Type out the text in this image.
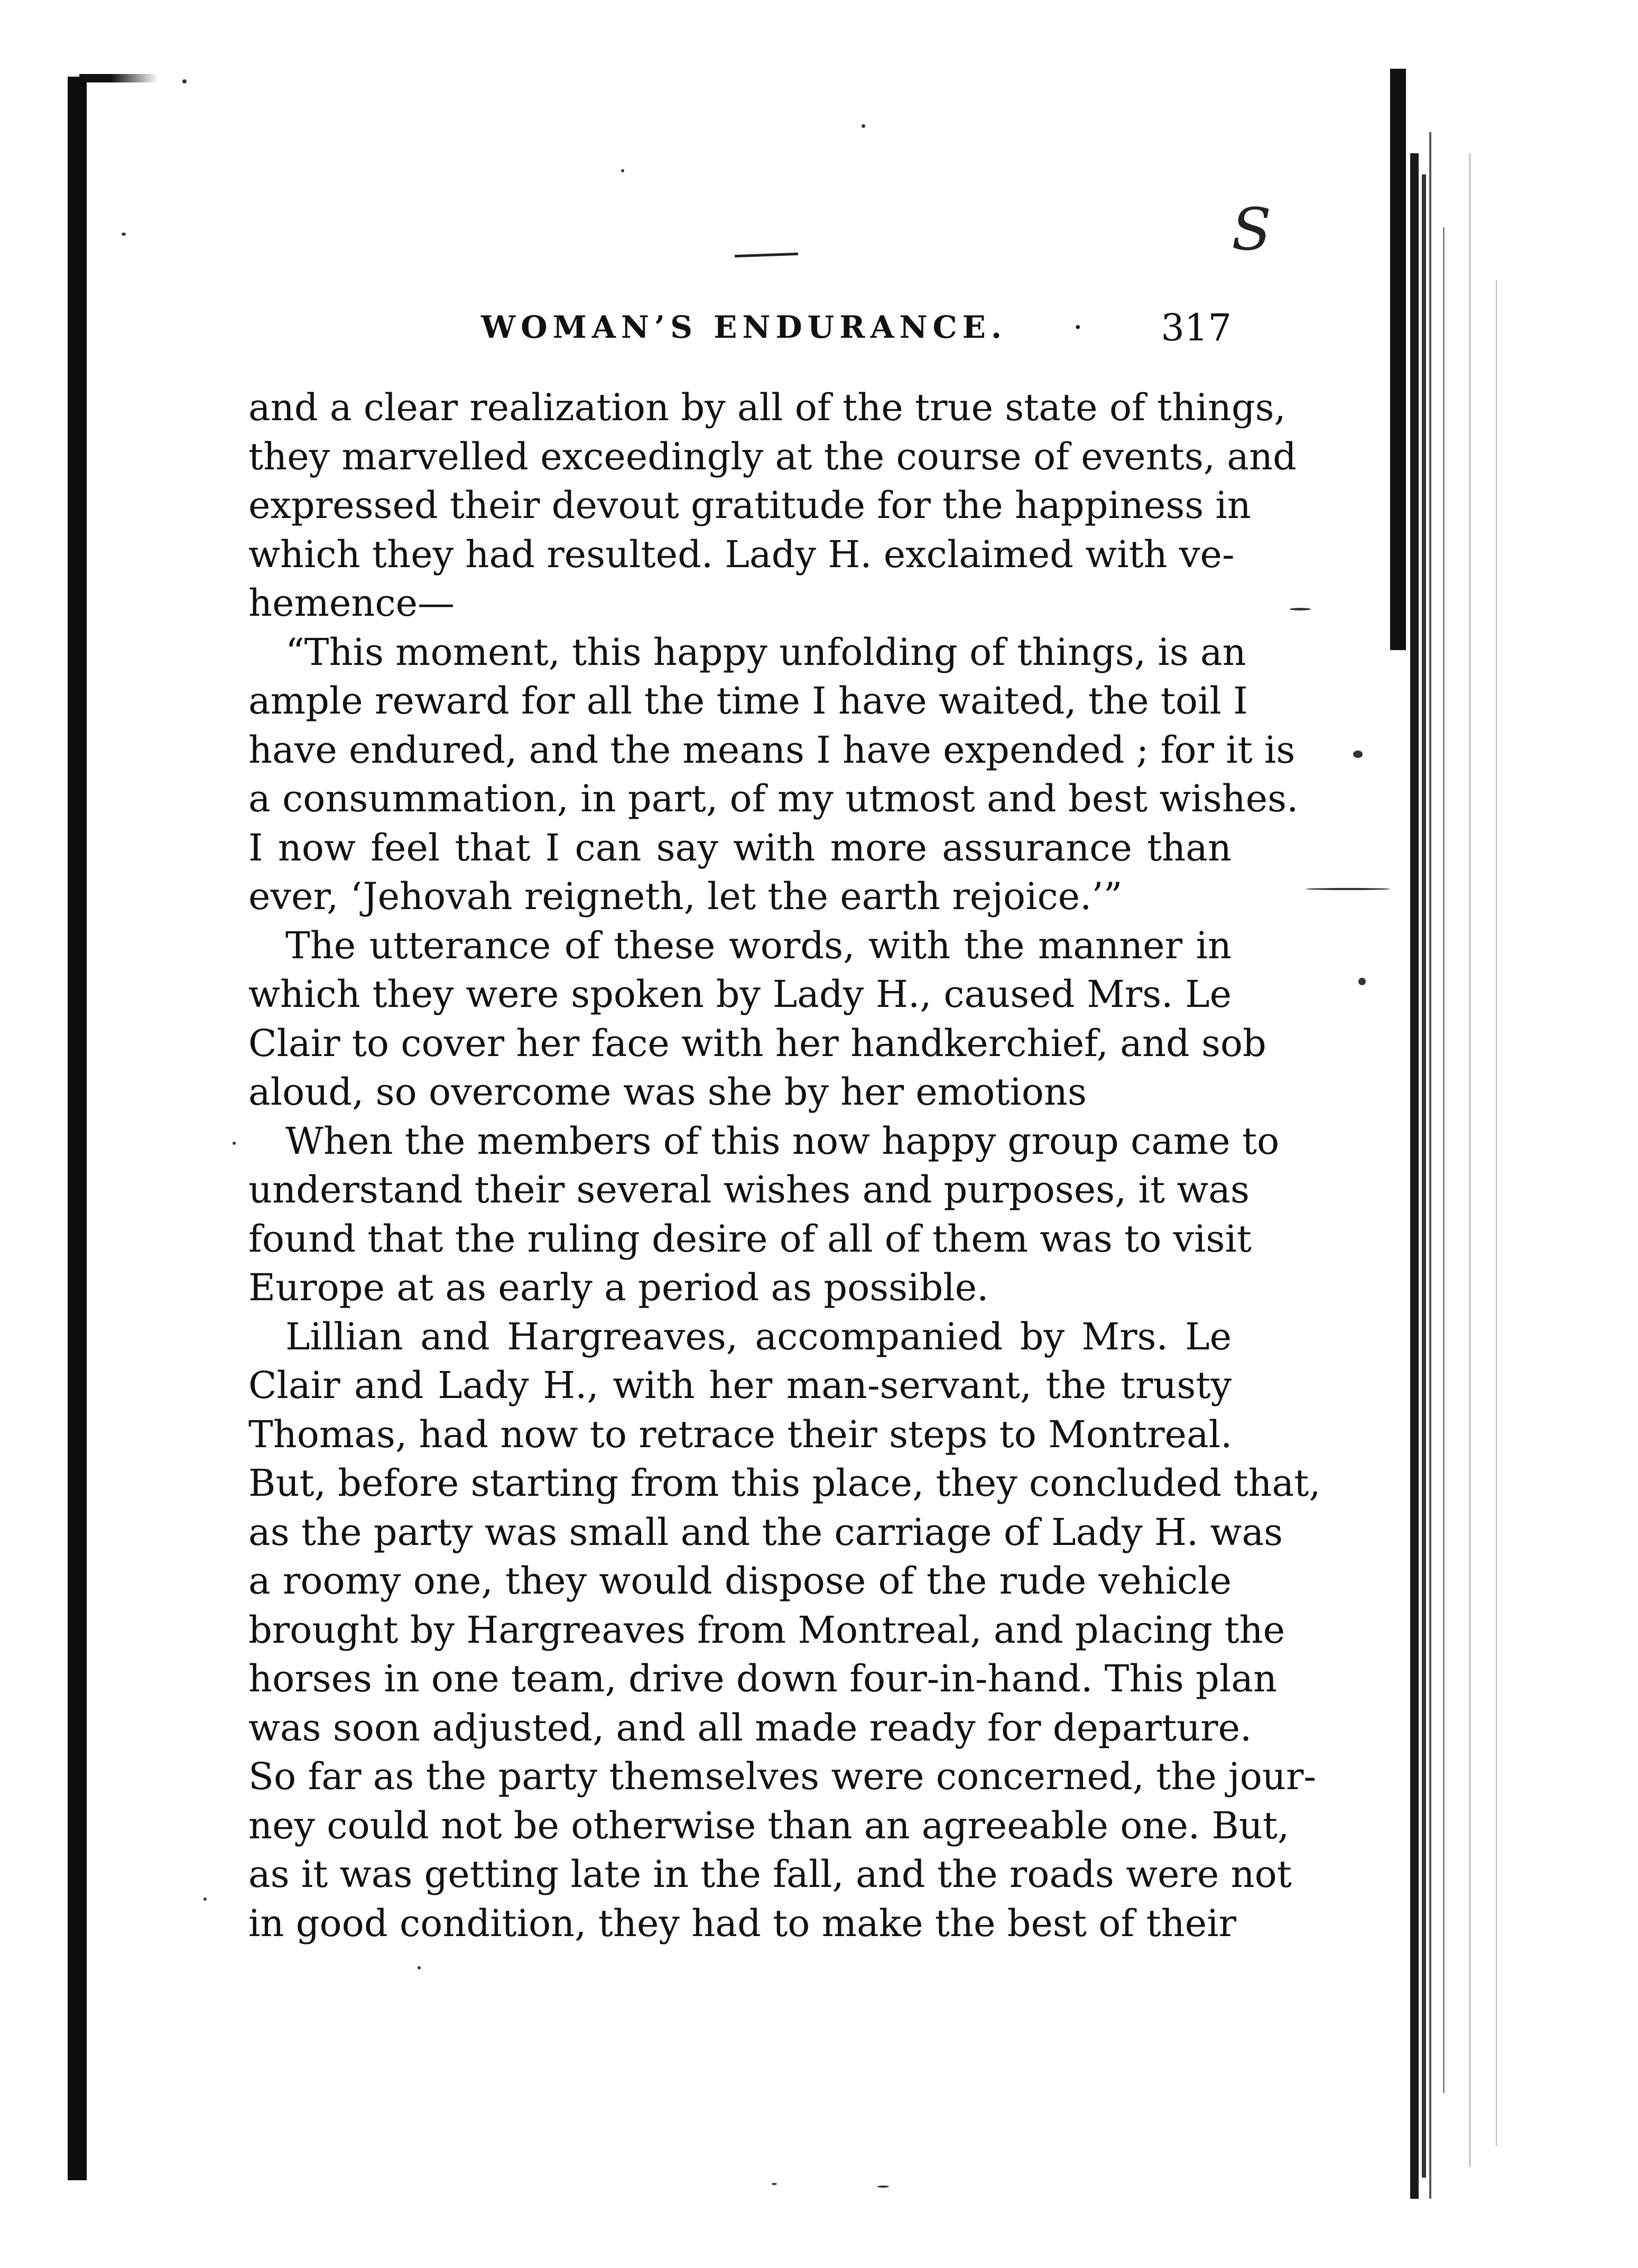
S
WOMAN’S ENDURANCE. · 317
and a clear realization by all of the true state of things,
they marvelled exceedingly at the course of events, and
expressed their devout gratitude for the happiness in
which they had resulted. Lady H. exclaimed with ve-
hemence—
“This moment, this happy unfolding of things, is an
ample reward for all the time I have waited, the toil I
have endured, and the means I have expended ; for it is
a consummation, in part, of my utmost and best wishes.
I now feel that I can say with more assurance than
ever, ‘Jehovah reigneth, let the earth rejoice.’”
The utterance of these words, with the manner in
which they were spoken by Lady H., caused Mrs. Le
Clair to cover her face with her handkerchief, and sob
aloud, so overcome was she by her emotions
When the members of this now happy group came to
understand their several wishes and purposes, it was
found that the ruling desire of all of them was to visit
Europe at as early a period as possible.
Lillian and Hargreaves, accompanied by Mrs. Le
Clair and Lady H., with her man-servant, the trusty
Thomas, had now to retrace their steps to Montreal.
But, before starting from this place, they concluded that,
as the party was small and the carriage of Lady H. was
a roomy one, they would dispose of the rude vehicle
brought by Hargreaves from Montreal, and placing the
horses in one team, drive down four-in-hand. This plan
was soon adjusted, and all made ready for departure.
So far as the party themselves were concerned, the jour-
ney could not be otherwise than an agreeable one. But,
as it was getting late in the fall, and the roads were not
in good condition, they had to make the best of their
